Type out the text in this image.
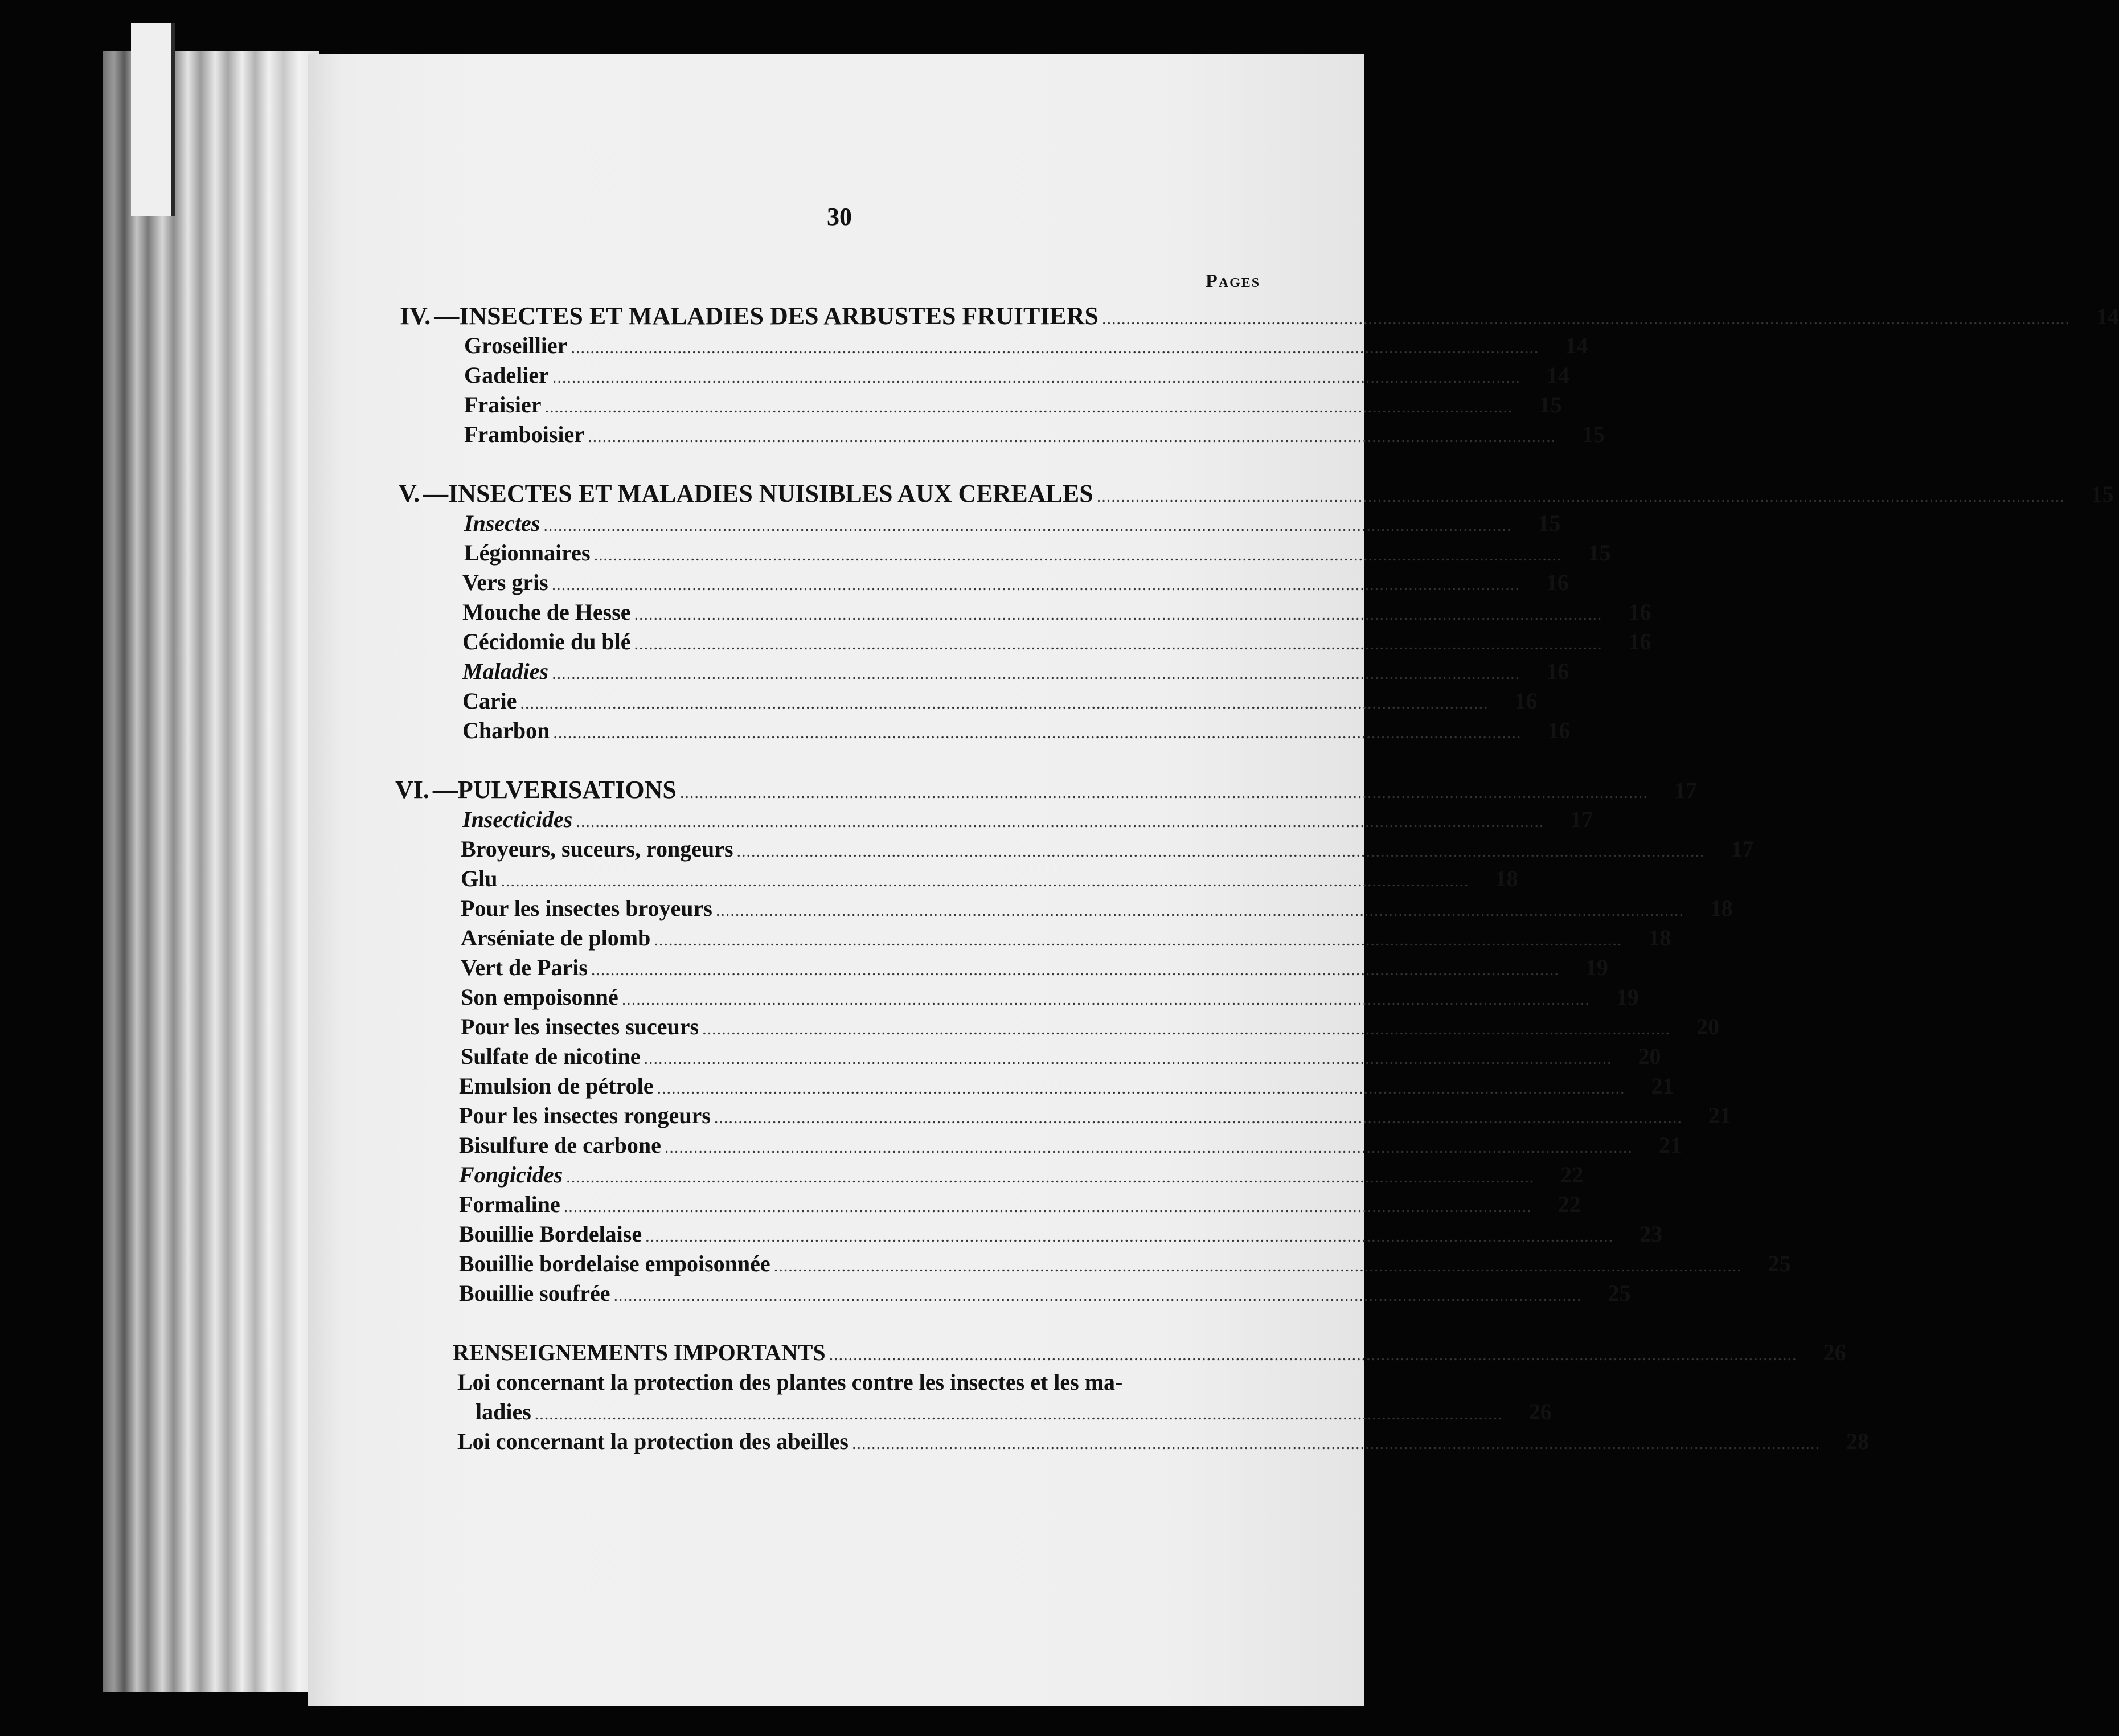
30
Pages
IV. —INSECTES ET MALADIES DES ARBUSTES FRUITIERS ........................................................................................................................................................................................................	14
Groseillier ........................................................................................................................................................................................................	14
Gadelier ........................................................................................................................................................................................................	14
Fraisier ........................................................................................................................................................................................................	15
Framboisier ........................................................................................................................................................................................................	15
V. —INSECTES ET MALADIES NUISIBLES AUX CEREALES ........................................................................................................................................................................................................	15
Insectes ........................................................................................................................................................................................................	15
Légionnaires ........................................................................................................................................................................................................	15
Vers gris ........................................................................................................................................................................................................	16
Mouche de Hesse ........................................................................................................................................................................................................	16
Cécidomie du blé ........................................................................................................................................................................................................	16
Maladies ........................................................................................................................................................................................................	16
Carie ........................................................................................................................................................................................................	16
Charbon ........................................................................................................................................................................................................	16
VI. —PULVERISATIONS ........................................................................................................................................................................................................	17
Insecticides ........................................................................................................................................................................................................	17
Broyeurs, suceurs, rongeurs ........................................................................................................................................................................................................	17
Glu ........................................................................................................................................................................................................	18
Pour les insectes broyeurs ........................................................................................................................................................................................................	18
Arséniate de plomb ........................................................................................................................................................................................................	18
Vert de Paris ........................................................................................................................................................................................................	19
Son empoisonné ........................................................................................................................................................................................................	19
Pour les insectes suceurs ........................................................................................................................................................................................................	20
Sulfate de nicotine ........................................................................................................................................................................................................	20
Emulsion de pétrole ........................................................................................................................................................................................................	21
Pour les insectes rongeurs ........................................................................................................................................................................................................	21
Bisulfure de carbone ........................................................................................................................................................................................................	21
Fongicides ........................................................................................................................................................................................................	22
Formaline ........................................................................................................................................................................................................	22
Bouillie Bordelaise ........................................................................................................................................................................................................	23
Bouillie bordelaise empoisonnée ........................................................................................................................................................................................................	25
Bouillie soufrée ........................................................................................................................................................................................................	25
RENSEIGNEMENTS IMPORTANTS ........................................................................................................................................................................................................	26
Loi concernant la protection des plantes contre les insectes et les ma-
ladies ........................................................................................................................................................................................................	26
Loi concernant la protection des abeilles ........................................................................................................................................................................................................	28
